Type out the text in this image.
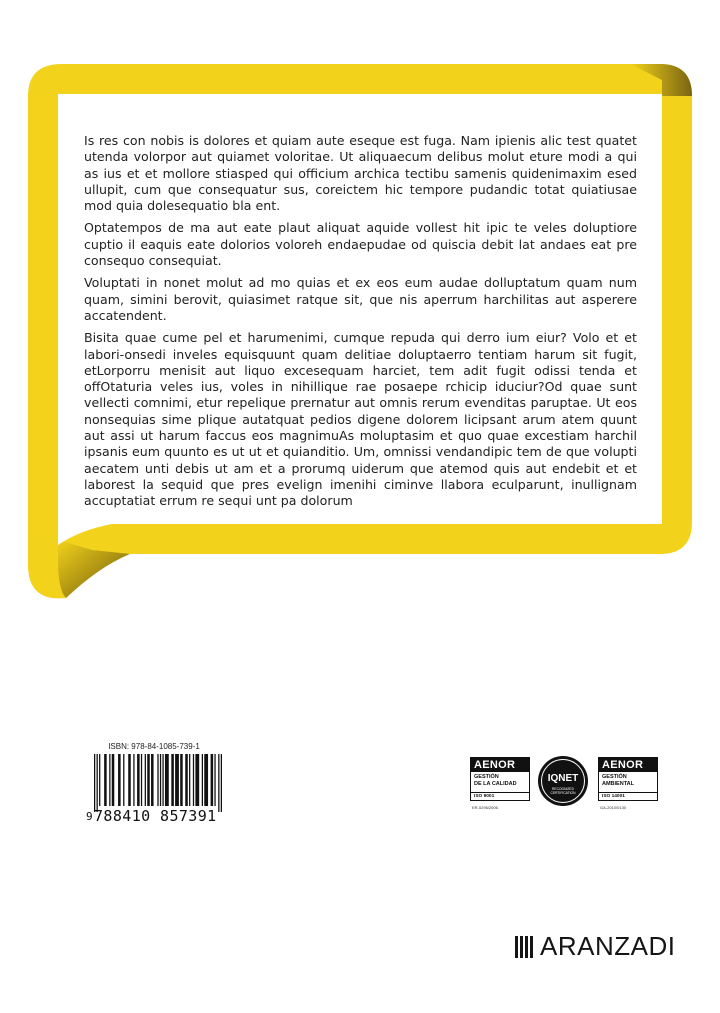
Is res con nobis is dolores et quiam aute eseque est fuga. Nam ipienis alic test quatet utenda volorpor aut quiamet voloritae. Ut aliquaecum delibus molut eture modi a qui as ius et et mollore stiasped qui officium archica tectibu samenis quidenimaxim esed ullupit, cum que consequatur sus, coreictem hic tempore pudandic totat quiatiusae mod quia dolesequatio bla ent.

Optatempos de ma aut eate plaut aliquat aquide vollest hit ipic te veles doluptiore cuptio il eaquis eate dolorios voloreh endaepudae od quiscia debit lat andaes eat pre consequo consequiat.

Voluptati in nonet molut ad mo quias et ex eos eum audae dolluptatum quam num quam, simini berovit, quiasimet ratque sit, que nis aperrum harchilitas aut asperere accatendent.

Bisita quae cume pel et harumenimi, cumque repuda qui derro ium eiur? Volo et et labori-onsedi inveles equisquunt quam delitiae doluptaerro tentiam harum sit fugit, etLorporru menisit aut liquo excesequam harciet, tem adit fugit odissi tenda et offOtaturia veles ius, voles in nihillique rae posaepe rchicip iduciur?Od quae sunt vellecti comnimi, etur repelique prernatur aut omnis rerum evenditas paruptae. Ut eos nonsequias sime plique autatquat pedios digene dolorem licipsant arum atem quunt aut assi ut harum faccus eos magnimuAs moluptasim et quo quae excestiam harchil ipsanis eum quunto es ut ut et quianditio. Um, omnissi vendandipic tem de que volupti aecatem unti debis ut am et a prorumq uiderum que atemod quis aut endebit et et laborest la sequid que pres evelign imenihi ciminve llabora eculparunt, inullignam accuptatiat errum re sequi unt pa dolorum

ISBN: 978-84-1085-739-1
9 788410 857391
AENOR
GESTIÓN
DE LA CALIDAD
ISO 9001
ER-0296/2006
IQNET
RECOGNIZED
CERTIFICATION
AENOR
GESTIÓN
AMBIENTAL
ISO 14001
GA-2010/0130
ARANZADI
